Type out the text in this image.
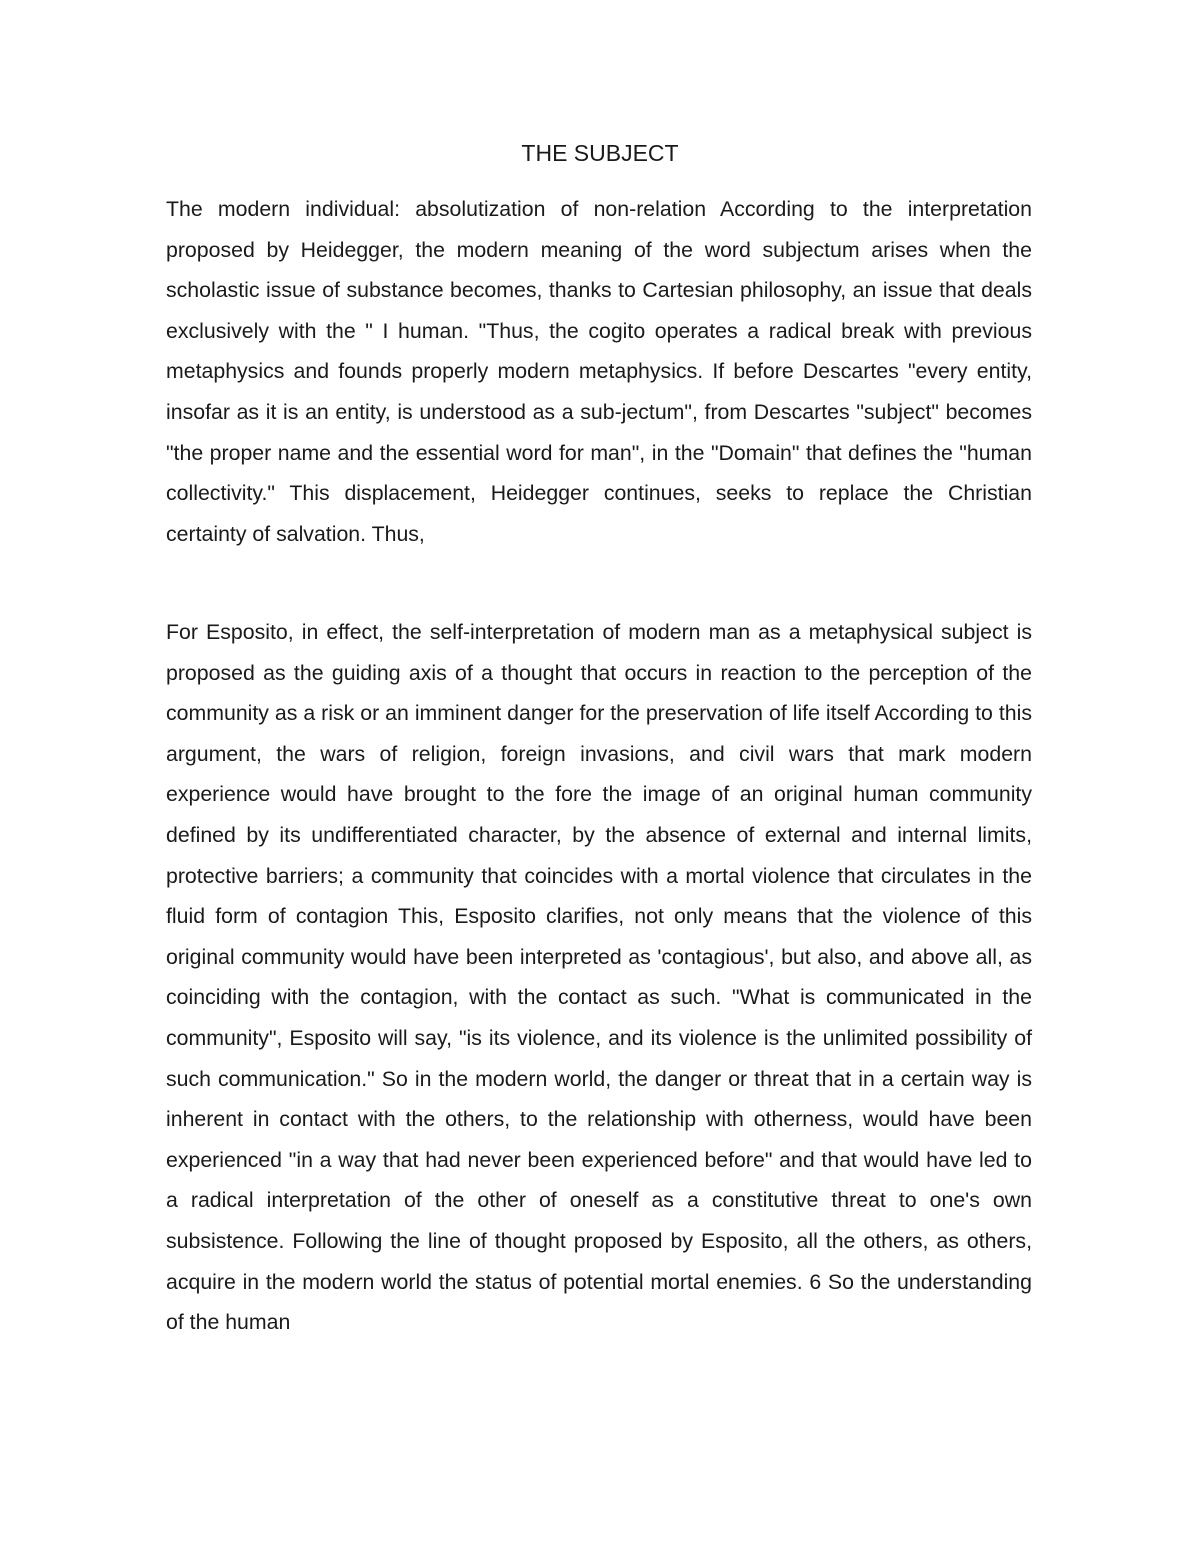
THE SUBJECT

The modern individual: absolutization of non-relation According to the interpretation proposed by Heidegger, the modern meaning of the word subjectum arises when the scholastic issue of substance becomes, thanks to Cartesian philosophy, an issue that deals exclusively with the " I human. "Thus, the cogito operates a radical break with previous metaphysics and founds properly modern metaphysics. If before Descartes "every entity, insofar as it is an entity, is understood as a sub-jectum", from Descartes "subject" becomes "the proper name and the essential word for man", in the "Domain" that defines the "human collectivity." This displacement, Heidegger continues, seeks to replace the Christian certainty of salvation. Thus,

For Esposito, in effect, the self-interpretation of modern man as a metaphysical subject is proposed as the guiding axis of a thought that occurs in reaction to the perception of the community as a risk or an imminent danger for the preservation of life itself According to this argument, the wars of religion, foreign invasions, and civil wars that mark modern experience would have brought to the fore the image of an original human community defined by its undifferentiated character, by the absence of external and internal limits, protective barriers; a community that coincides with a mortal violence that circulates in the fluid form of contagion This, Esposito clarifies, not only means that the violence of this original community would have been interpreted as 'contagious', but also, and above all, as coinciding with the contagion, with the contact as such. "What is communicated in the community", Esposito will say, "is its violence, and its violence is the unlimited possibility of such communication." So in the modern world, the danger or threat that in a certain way is inherent in contact with the others, to the relationship with otherness, would have been experienced "in a way that had never been experienced before" and that would have led to a radical interpretation of the other of oneself as a constitutive threat to one's own subsistence. Following the line of thought proposed by Esposito, all the others, as others, acquire in the modern world the status of potential mortal enemies. 6 So the understanding of the human
